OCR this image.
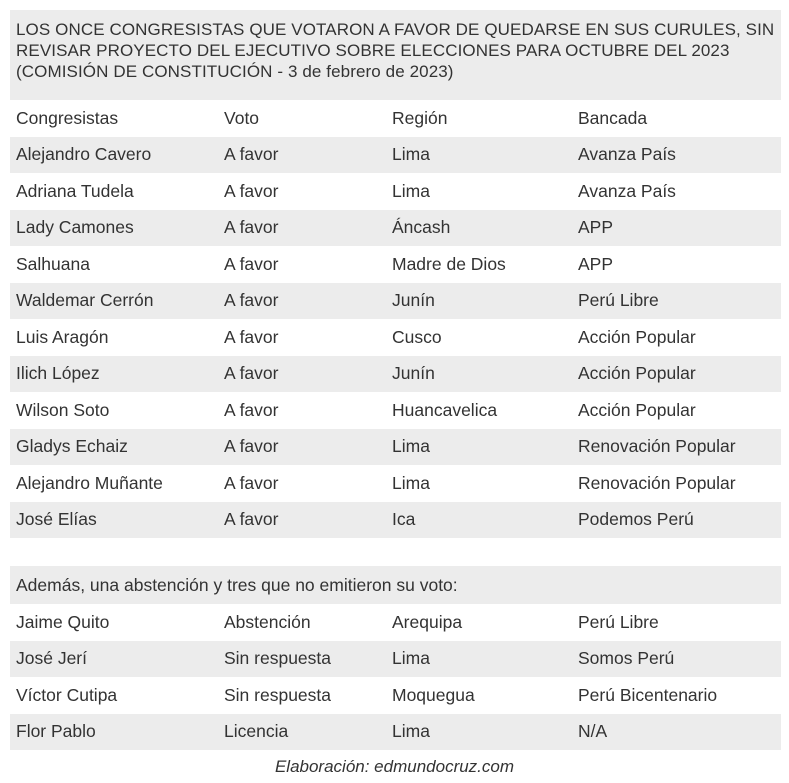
LOS ONCE CONGRESISTAS QUE VOTARON A FAVOR DE QUEDARSE EN SUS CURULES, SIN REVISAR PROYECTO DEL EJECUTIVO SOBRE ELECCIONES PARA OCTUBRE DEL 2023 (COMISIÓN DE CONSTITUCIÓN - 3 de febrero de 2023)
Congresistas	Voto	Región	Bancada
Alejandro Cavero	A favor	Lima	Avanza País
Adriana Tudela	A favor	Lima	Avanza País
Lady Camones	A favor	Áncash	APP
Salhuana	A favor	Madre de Dios	APP
Waldemar Cerrón	A favor	Junín	Perú Libre
Luis Aragón	A favor	Cusco	Acción Popular
Ilich López	A favor	Junín	Acción Popular
Wilson Soto	A favor	Huancavelica	Acción Popular
Gladys Echaiz	A favor	Lima	Renovación Popular
Alejandro Muñante	A favor	Lima	Renovación Popular
José Elías	A favor	Ica	Podemos Perú
Además, una abstención y tres que no emitieron su voto:
Jaime Quito	Abstención	Arequipa	Perú Libre
José Jerí	Sin respuesta	Lima	Somos Perú
Víctor Cutipa	Sin respuesta	Moquegua	Perú Bicentenario
Flor Pablo	Licencia	Lima	N/A
Elaboración: edmundocruz.com
